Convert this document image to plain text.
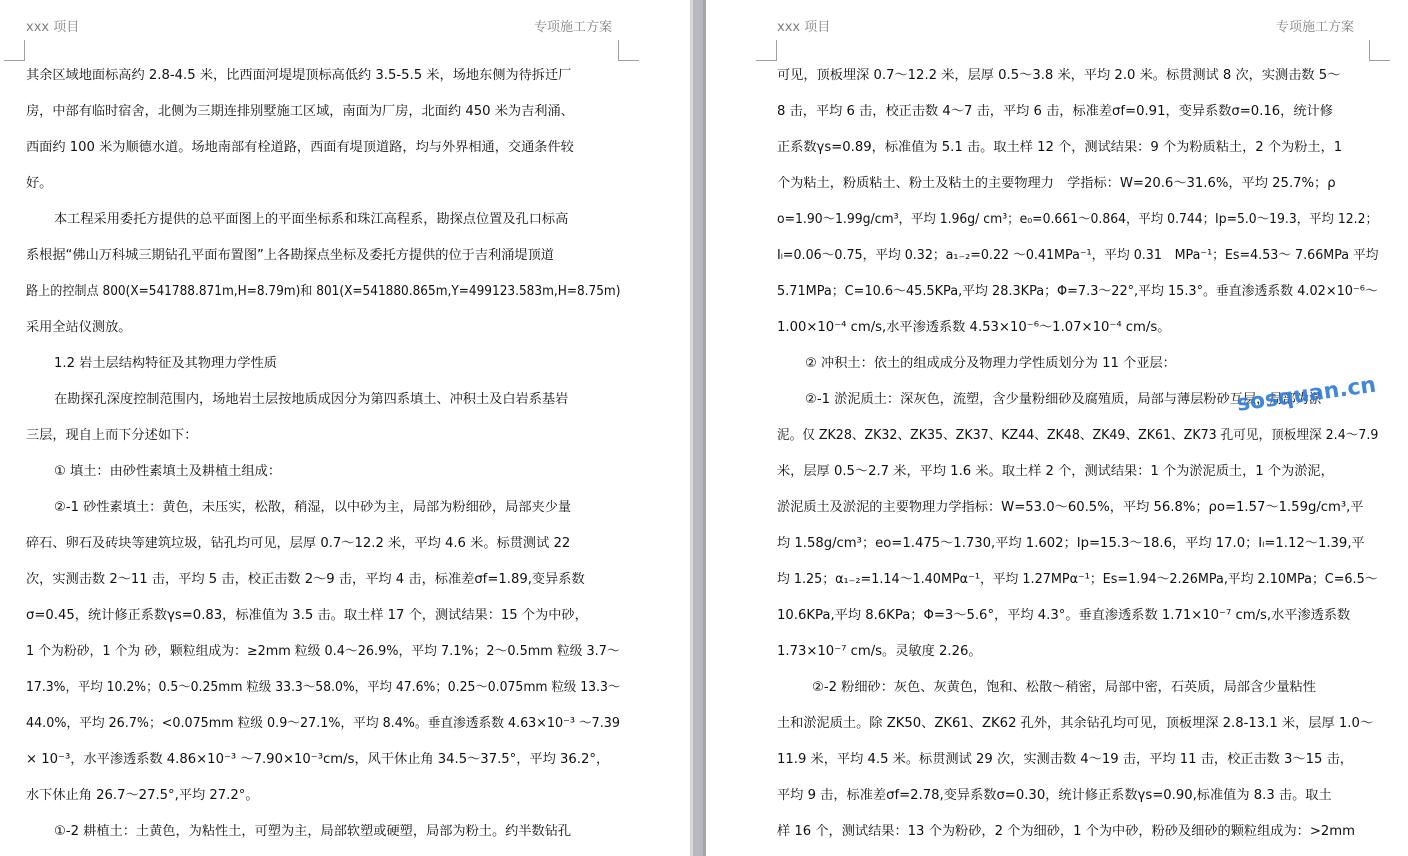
xxx 项目	专项施工方案
其余区域地面标高约 2.8-4.5 米，比西面河堤堤顶标高低约 3.5-5.5 米，场地东侧为待拆迁厂
房，中部有临时宿舍，北侧为三期连排别墅施工区域，南面为厂房，北面约 450 米为吉利涌、
西面约 100 米为顺德水道。场地南部有栓道路，西面有堤顶道路，均与外界相通，交通条件较
好。
本工程采用委托方提供的总平面图上的平面坐标系和珠江高程系，勘探点位置及孔口标高
系根据“佛山万科城三期钻孔平面布置图”上各勘探点坐标及委托方提供的位于吉利涌堤顶道
路上的控制点 800(X=541788.871m,H=8.79m)和 801(X=541880.865m,Y=499123.583m,H=8.75m)
采用全站仪测放。
1.2 岩土层结构特征及其物理力学性质
在勘探孔深度控制范围内，场地岩土层按地质成因分为第四系填土、冲积土及白岩系基岩
三层，现自上而下分述如下：
① 填土：由砂性素填土及耕植土组成：
②-1 砂性素填土：黄色，未压实，松散，稍湿，以中砂为主，局部为粉细砂，局部夹少量
碎石、卵石及砖块等建筑垃圾，钻孔均可见，层厚 0.7～12.2 米，平均 4.6 米。标贯测试 22
次，实测击数 2～11 击，平均 5 击，校正击数 2～9 击，平均 4 击，标准差σf=1.89,变异系数
σ=0.45，统计修正系数γs=0.83，标准值为 3.5 击。取土样 17 个，测试结果：15 个为中砂，
1 个为粉砂，1 个为 砂，颗粒组成为：≥2mm 粒级 0.4～26.9%，平均 7.1%；2～0.5mm 粒级 3.7～
17.3%，平均 10.2%；0.5～0.25mm 粒级 33.3～58.0%，平均 47.6%；0.25～0.075mm 粒级 13.3～
44.0%，平均 26.7%；<0.075mm 粒级 0.9～27.1%，平均 8.4%。垂直渗透系数 4.63×10⁻³ ～7.39
× 10⁻³，水平渗透系数 4.86×10⁻³ ～7.90×10⁻³cm/s，风干休止角 34.5～37.5°，平均 36.2°，
水下休止角 26.7～27.5°,平均 27.2°。
①-2 耕植土：土黄色，为粘性土，可塑为主，局部软塑或硬塑，局部为粉土。约半数钻孔
xxx 项目	专项施工方案
可见，顶板埋深 0.7～12.2 米，层厚 0.5～3.8 米，平均 2.0 米。标贯测试 8 次，实测击数 5～
8 击，平均 6 击，校正击数 4～7 击，平均 6 击，标准差σf=0.91，变异系数σ=0.16，统计修
正系数γs=0.89，标准值为 5.1 击。取土样 12 个，测试结果：9 个为粉质粘土，2 个为粉土，1
个为粘土，粉质粘土、粉土及粘土的主要物理力　学指标：W=20.6～31.6%，平均 25.7%；ρ
o=1.90～1.99g/cm³，平均 1.96g/ cm³；e₀=0.661～0.864，平均 0.744；Ip=5.0～19.3，平均 12.2；
Iₗ=0.06～0.75，平均 0.32；a₁₋₂=0.22 ～0.41MPa⁻¹，平均 0.31　MPa⁻¹；Es=4.53～ 7.66MPa 平均
5.71MPa；C=10.6～45.5KPa,平均 28.3KPa；Φ=7.3～22°,平均 15.3°。垂直渗透系数 4.02×10⁻⁶～
1.00×10⁻⁴ cm/s,水平渗透系数 4.53×10⁻⁶～1.07×10⁻⁴ cm/s。
② 冲积土：依土的组成成分及物理力学性质划分为 11 个亚层：
②-1 淤泥质土：深灰色，流塑，含少量粉细砂及腐殖质，局部与薄层粉砂互层，局部为淤
泥。仅 ZK28、ZK32、ZK35、ZK37、KZ44、ZK48、ZK49、ZK61、ZK73 孔可见，顶板埋深 2.4～7.9
米，层厚 0.5～2.7 米，平均 1.6 米。取土样 2 个，测试结果：1 个为淤泥质土，1 个为淤泥，
淤泥质土及淤泥的主要物理力学指标：W=53.0～60.5%，平均 56.8%；ρo=1.57～1.59g/cm³,平
均 1.58g/cm³；eo=1.475～1.730,平均 1.602；Ip=15.3～18.6，平均 17.0；Iₗ=1.12～1.39,平
均 1.25；α₁₋₂=1.14～1.40MPα⁻¹，平均 1.27MPα⁻¹；Es=1.94～2.26MPa,平均 2.10MPa；C=6.5～
10.6KPa,平均 8.6KPa；Φ=3～5.6°，平均 4.3°。垂直渗透系数 1.71×10⁻⁷ cm/s,水平渗透系数
1.73×10⁻⁷ cm/s。灵敏度 2.26。
②-2 粉细砂：灰色、灰黄色，饱和、松散～稍密，局部中密，石英质，局部含少量粘性
土和淤泥质土。除 ZK50、ZK61、ZK62 孔外，其余钻孔均可见，顶板埋深 2.8-13.1 米，层厚 1.0～
11.9 米，平均 4.5 米。标贯测试 29 次，实测击数 4～19 击，平均 11 击，校正击数 3～15 击，
平均 9 击，标准差σf=2.78,变异系数σ=0.30，统计修正系数γs=0.90,标准值为 8.3 击。取土
样 16 个，测试结果：13 个为粉砂，2 个为细砂，1 个为中砂，粉砂及细砂的颗粒组成为：>2mm
sosquan.cn
